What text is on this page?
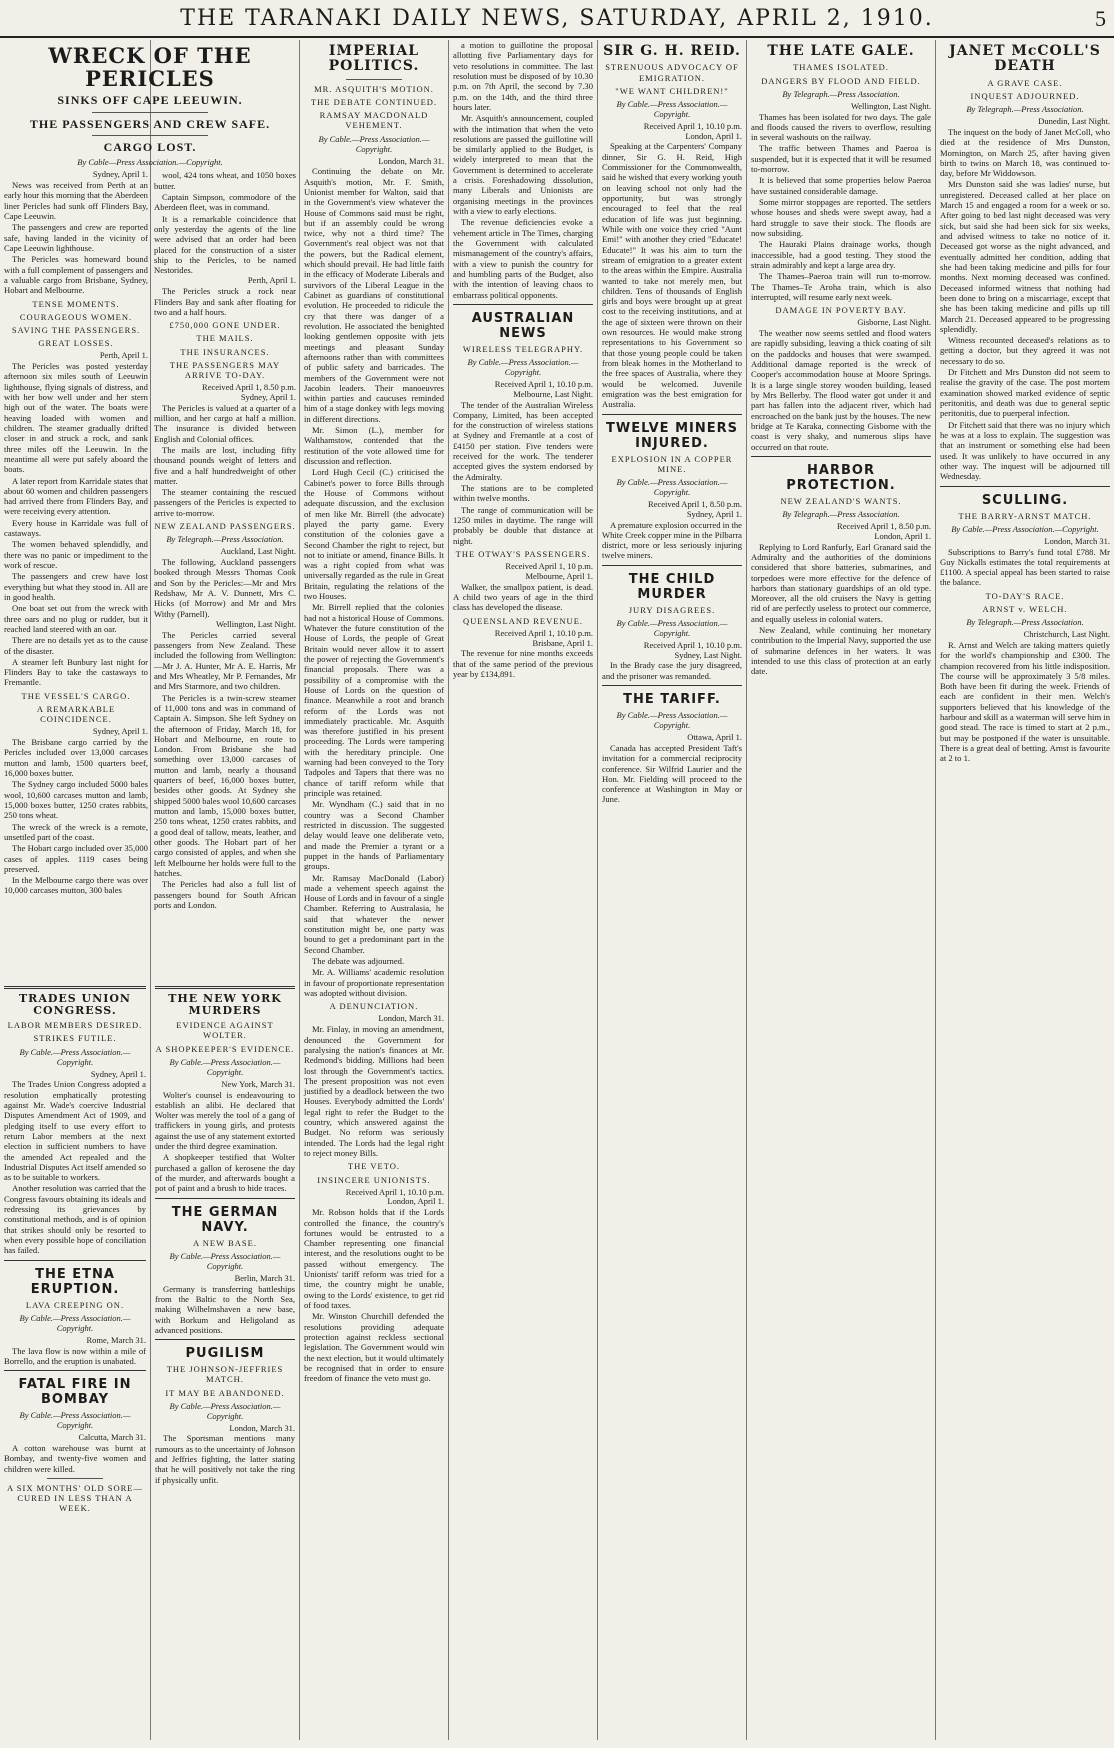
THE TARANAKI DAILY NEWS, SATURDAY, APRIL 2, 1910.	5
WRECK OF THE PERICLES
SINKS OFF CAPE LEEUWIN.
THE PASSENGERS AND CREW SAFE.
CARGO LOST.
By Cable—Press Association.—Copyright.
Sydney, April 1.

News was received from Perth at an early hour this morning that the Aberdeen liner Pericles had sunk off Flinders Bay, Cape Leeuwin.

The passengers and crew are reported safe, having landed in the vicinity of Cape Leeuwin lighthouse.

The Pericles was homeward bound with a full complement of passengers and a valuable cargo from Brisbane, Sydney, Hobart and Melbourne.

TENSE MOMENTS.
COURAGEOUS WOMEN.
SAVING THE PASSENGERS.
GREAT LOSSES.
Perth, April 1.

The Pericles was posted yesterday afternoon six miles south of Leeuwin lighthouse, flying signals of distress, and with her bow well under and her stern high out of the water. The boats were heaving loaded with women and children. The steamer gradually drifted closer in and struck a rock, and sank three miles off the Leeuwin. In the meantime all were put safely aboard the boats.

A later report from Karridale states that about 60 women and children passengers had arrived there from Flinders Bay, and were receiving every attention.

Every house in Karridale was full of castaways.

The women behaved splendidly, and there was no panic or impediment to the work of rescue.

The passengers and crew have lost everything but what they stood in. All are in good health.

One boat set out from the wreck with three oars and no plug or rudder, but it reached land steered with an oar.

There are no details yet as to the cause of the disaster.

A steamer left Bunbury last night for Flinders Bay to take the castaways to Fremantle.

THE VESSEL'S CARGO.
A REMARKABLE COINCIDENCE.
Sydney, April 1.

The Brisbane cargo carried by the Pericles included over 13,000 carcases mutton and lamb, 1500 quarters beef, 16,000 boxes butter.

The Sydney cargo included 5000 bales wool, 10,600 carcases mutton and lamb, 15,000 boxes butter, 1250 crates rabbits, 250 tons wheat.

The wreck of the wreck is a remote, unsettled part of the coast.

The Hobart cargo included over 35,000 cases of apples. 1119 cases being preserved.

In the Melbourne cargo there was over 10,000 carcases mutton, 300 bales

wool, 424 tons wheat, and 1050 boxes butter.

Captain Simpson, commodore of the Aberdeen fleet, was in command.

It is a remarkable coincidence that only yesterday the agents of the line were advised that an order had been placed for the construction of a sister ship to the Pericles, to be named Nestorides.

Perth, April 1.

The Pericles struck a rock near Flinders Bay and sank after floating for two and a half hours.

£750,000 GONE UNDER.
THE MAILS.
THE INSURANCES.
THE PASSENGERS MAY ARRIVE TO-DAY.
Received April 1, 8.50 p.m.
Sydney, April 1.

The Pericles is valued at a quarter of a million, and her cargo at half a million. The insurance is divided between English and Colonial offices.

The mails are lost, including fifty thousand pounds weight of letters and five and a half hundredweight of other matter.

The steamer containing the rescued passengers of the Pericles is expected to arrive to-morrow.

NEW ZEALAND PASSENGERS.
By Telegraph.—Press Association.
Auckland, Last Night.

The following, Auckland passengers booked through Messrs Thomas Cook and Son by the Pericles:—Mr and Mrs Redshaw, Mr A. V. Dunnett, Mrs C. Hicks (of Morrow) and Mr and Mrs Withy (Parnell).

Wellington, Last Night.

The Pericles carried several passengers from New Zealand. These included the following from Wellington:—Mr J. A. Hunter, Mr A. E. Harris, Mr and Mrs Wheatley, Mr P. Fernandes, Mr and Mrs Starmore, and two children.

The Pericles is a twin-screw steamer of 11,000 tons and was in command of Captain A. Simpson. She left Sydney on the afternoon of Friday, March 18, for Hobart and Melbourne, en route to London. From Brisbane she had something over 13,000 carcases of mutton and lamb, nearly a thousand quarters of beef, 16,000 boxes butter, besides other goods. At Sydney she shipped 5000 bales wool 10,600 carcases mutton and lamb, 15,000 boxes butter, 250 tons wheat, 1250 crates rabbits, and a good deal of tallow, meats, leather, and other goods. The Hobart part of her cargo consisted of apples, and when she left Melbourne her holds were full to the hatches.

The Pericles had also a full list of passengers bound for South African ports and London.

IMPERIAL POLITICS.
MR. ASQUITH'S MOTION.
THE DEBATE CONTINUED.
RAMSAY MACDONALD VEHEMENT.
By Cable.—Press Association.—Copyright.
London, March 31.

Continuing the debate on Mr. Asquith's motion, Mr. F. Smith, Unionist member for Walton, said that in the Government's view whatever the House of Commons said must be right, but if an assembly could be wrong twice, why not a third time? The Government's real object was not that the powers, but the Radical element, which should prevail. He had little faith in the efficacy of Moderate Liberals and survivors of the Liberal League in the Cabinet as guardians of constitutional evolution. He proceeded to ridicule the cry that there was danger of a revolution. He associated the benighted looking gentlemen opposite with jets meetings and pleasant Sunday afternoons rather than with committees of public safety and barricades. The members of the Government were not Jacobin leaders. Their manoeuvres within parties and caucuses reminded him of a stage donkey with legs moving in different directions.

Mr. Simon (L.), member for Walthamstow, contended that the restitution of the vote allowed time for discussion and reflection.

Lord Hugh Cecil (C.) criticised the Cabinet's power to force Bills through the House of Commons without adequate discussion, and the exclusion of men like Mr. Birrell (the advocate) played the party game. Every constitution of the colonies gave a Second Chamber the right to reject, but not to initiate or amend, finance Bills. It was a right copied from what was universally regarded as the rule in Great Britain, regulating the relations of the two Houses.

Mr. Birrell replied that the colonies had not a historical House of Commons. Whatever the future constitution of the House of Lords, the people of Great Britain would never allow it to assert the power of rejecting the Government's financial proposals. There was a possibility of a compromise with the House of Lords on the question of finance. Meanwhile a root and branch reform of the Lords was not immediately practicable. Mr. Asquith was therefore justified in his present proceeding. The Lords were tampering with the hereditary principle. One warning had been conveyed to the Tory Tadpoles and Tapers that there was no chance of tariff reform while that principle was retained.

Mr. Wyndham (C.) said that in no country was a Second Chamber restricted in discussion. The suggested delay would leave one deliberate veto, and made the Premier a tyrant or a puppet in the hands of Parliamentary groups.

Mr. Ramsay MacDonald (Labor) made a vehement speech against the House of Lords and in favour of a single Chamber. Referring to Australasia, he said that whatever the newer constitution might be, one party was bound to get a predominant part in the Second Chamber.

The debate was adjourned.

Mr. A. Williams' academic resolution in favour of proportionate representation was adopted without division.

A DENUNCIATION.
London, March 31.

Mr. Finlay, in moving an amendment, denounced the Government for paralysing the nation's finances at Mr. Redmond's bidding. Millions had been lost through the Government's tactics. The present proposition was not even justified by a deadlock between the two Houses. Everybody admitted the Lords' legal right to refer the Budget to the country, which answered against the Budget. No reform was seriously intended. The Lords had the legal right to reject money Bills.

THE VETO.
INSINCERE UNIONISTS.
Received April 1, 10.10 p.m.
London, April 1.

Mr. Robson holds that if the Lords controlled the finance, the country's fortunes would be entrusted to a Chamber representing one financial interest, and the resolutions ought to be passed without emergency. The Unionists' tariff reform was tried for a time, the country might be unable, owing to the Lords' existence, to get rid of food taxes.

Mr. Winston Churchill defended the resolutions providing adequate protection against reckless sectional legislation. The Government would win the next election, but it would ultimately be recognised that in order to ensure freedom of finance the veto must go.

a motion to guillotine the proposal allotting five Parliamentary days for veto resolutions in committee. The last resolution must be disposed of by 10.30 p.m. on 7th April, the second by 7.30 p.m. on the 14th, and the third three hours later.

Mr. Asquith's announcement, coupled with the intimation that when the veto resolutions are passed the guillotine will be similarly applied to the Budget, is widely interpreted to mean that the Government is determined to accelerate a crisis. Foreshadowing dissolution, many Liberals and Unionists are organising meetings in the provinces with a view to early elections.

The revenue deficiencies evoke a vehement article in The Times, charging the Government with calculated mismanagement of the country's affairs, with a view to punish the country for and humbling parts of the Budget, also with the intention of leaving chaos to embarrass political opponents.

AUSTRALIAN NEWS
WIRELESS TELEGRAPHY.
By Cable.—Press Association.—Copyright.
Received April 1, 10.10 p.m.
Melbourne, Last Night.

The tender of the Australian Wireless Company, Limited, has been accepted for the construction of wireless stations at Sydney and Fremantle at a cost of £4150 per station. Five tenders were received for the work. The tenderer accepted gives the system endorsed by the Admiralty.

The stations are to be completed within twelve months.

The range of communication will be 1250 miles in daytime. The range will probably be double that distance at night.

THE OTWAY'S PASSENGERS.
Received April 1, 10 p.m.
Melbourne, April 1.

Walker, the smallpox patient, is dead. A child two years of age in the third class has developed the disease.

QUEENSLAND REVENUE.
Received April 1, 10.10 p.m.
Brisbane, April 1.

The revenue for nine months exceeds that of the same period of the previous year by £134,891.

SIR G. H. REID.
STRENUOUS ADVOCACY OF EMIGRATION.
"WE WANT CHILDREN!"
By Cable.—Press Association.—Copyright.
Received April 1, 10.10 p.m.
London, April 1.

Speaking at the Carpenters' Company dinner, Sir G. H. Reid, High Commissioner for the Commonwealth, said he wished that every working youth on leaving school not only had the opportunity, but was strongly encouraged to feel that the real education of life was just beginning. While with one voice they cried "Aunt Emi!" with another they cried "Educate! Educate!" It was his aim to turn the stream of emigration to a greater extent to the areas within the Empire. Australia wanted to take not merely men, but children. Tens of thousands of English girls and boys were brought up at great cost to the receiving institutions, and at the age of sixteen were thrown on their own resources. He would make strong representations to his Government so that those young people could be taken from bleak homes in the Motherland to the free spaces of Australia, where they would be welcomed. Juvenile emigration was the best emigration for Australia.

TWELVE MINERS INJURED.
EXPLOSION IN A COPPER MINE.
By Cable.—Press Association.—Copyright.
Received April 1, 8.50 p.m.
Sydney, April 1.

A premature explosion occurred in the White Creek copper mine in the Pilbarra district, more or less seriously injuring twelve miners.

THE CHILD MURDER
JURY DISAGREES.
By Cable.—Press Association.—Copyright.
Received April 1, 10.10 p.m.
Sydney, Last Night.

In the Brady case the jury disagreed, and the prisoner was remanded.

THE TARIFF.
By Cable.—Press Association.—Copyright.
Ottawa, April 1.

Canada has accepted President Taft's invitation for a commercial reciprocity conference. Sir Wilfrid Laurier and the Hon. Mr. Fielding will proceed to the conference at Washington in May or June.

THE LATE GALE.
THAMES ISOLATED.
DANGERS BY FLOOD AND FIELD.
By Telegraph.—Press Association.
Wellington, Last Night.

Thames has been isolated for two days. The gale and floods caused the rivers to overflow, resulting in several washouts on the railway.

The traffic between Thames and Paeroa is suspended, but it is expected that it will be resumed to-morrow.

It is believed that some properties below Paeroa have sustained considerable damage.

Some mirror stoppages are reported. The settlers whose houses and sheds were swept away, had a hard struggle to save their stock. The floods are now subsiding.

The Hauraki Plains drainage works, though inaccessible, had a good testing. They stood the strain admirably and kept a large area dry.

The Thames–Paeroa train will run to-morrow. The Thames–Te Aroha train, which is also interrupted, will resume early next week.

DAMAGE IN POVERTY BAY.
Gisborne, Last Night.

The weather now seems settled and flood waters are rapidly subsiding, leaving a thick coating of silt on the paddocks and houses that were swamped. Additional damage reported is the wreck of Cooper's accommodation house at Moore Springs. It is a large single storey wooden building, leased by Mrs Bellerby. The flood water got under it and part has fallen into the adjacent river, which had encroached on the bank just by the houses. The new bridge at Te Karaka, connecting Gisborne with the coast is very shaky, and numerous slips have occurred on that route.

HARBOR PROTECTION.
NEW ZEALAND'S WANTS.
By Telegraph.—Press Association.
Received April 1, 8.50 p.m.
London, April 1.

Replying to Lord Ranfurly, Earl Granard said the Admiralty and the authorities of the dominions considered that shore batteries, submarines, and torpedoes were more effective for the defence of harbors than stationary guardships of an old type. Moreover, all the old cruisers the Navy is getting rid of are perfectly useless to protect our commerce, and equally useless in colonial waters.

New Zealand, while continuing her monetary contribution to the Imperial Navy, supported the use of submarine defences in her waters. It was intended to use this class of protection at an early date.

JANET McCOLL'S DEATH
A GRAVE CASE.
INQUEST ADJOURNED.
By Telegraph.—Press Association.
Dunedin, Last Night.

The inquest on the body of Janet McColl, who died at the residence of Mrs Dunston, Mornington, on March 25, after having given birth to twins on March 18, was continued to-day, before Mr Widdowson.

Mrs Dunston said she was ladies' nurse, but unregistered. Deceased called at her place on March 15 and engaged a room for a week or so. After going to bed last night deceased was very sick, but said she had been sick for six weeks, and advised witness to take no notice of it. Deceased got worse as the night advanced, and eventually admitted her condition, adding that she had been taking medicine and pills for four months. Next morning deceased was confined. Deceased informed witness that nothing had been done to bring on a miscarriage, except that she has been taking medicine and pills up till March 21. Deceased appeared to be progressing splendidly.

Witness recounted deceased's relations as to getting a doctor, but they agreed it was not necessary to do so.

Dr Fitchett and Mrs Dunston did not seem to realise the gravity of the case. The post mortem examination showed marked evidence of septic peritonitis, and death was due to general septic peritonitis, due to puerperal infection.

Dr Fitchett said that there was no injury which he was at a loss to explain. The suggestion was that an instrument or something else had been used. It was unlikely to have occurred in any other way. The inquest will be adjourned till Wednesday.

SCULLING.
THE BARRY-ARNST MATCH.
By Cable.—Press Association.—Copyright.
London, March 31.

Subscriptions to Barry's fund total £788. Mr Guy Nickalls estimates the total requirements at £1100. A special appeal has been started to raise the balance.

TO-DAY'S RACE.
ARNST v. WELCH.
By Telegraph.—Press Association.
Christchurch, Last Night.

R. Arnst and Welch are taking matters quietly for the world's championship and £300. The champion recovered from his little indisposition. The course will be approximately 3 5/8 miles. Both have been fit during the week. Friends of each are confident in their men. Welch's supporters believed that his knowledge of the harbour and skill as a waterman will serve him in good stead. The race is timed to start at 2 p.m., but may be postponed if the water is unsuitable. There is a great deal of betting. Arnst is favourite at 2 to 1.

TRADES UNION CONGRESS.
LABOR MEMBERS DESIRED.
STRIKES FUTILE.
By Cable.—Press Association.—Copyright.
Sydney, April 1.

The Trades Union Congress adopted a resolution emphatically protesting against Mr. Wade's coercive Industrial Disputes Amendment Act of 1909, and pledging itself to use every effort to return Labor members at the next election in sufficient numbers to have the amended Act repealed and the Industrial Disputes Act itself amended so as to be suitable to workers.

Another resolution was carried that the Congress favours obtaining its ideals and redressing its grievances by constitutional methods, and is of opinion that strikes should only be resorted to when every possible hope of conciliation has failed.

THE ETNA ERUPTION.
LAVA CREEPING ON.
By Cable.—Press Association.—Copyright.
Rome, March 31.

The lava flow is now within a mile of Borrello, and the eruption is unabated.

FATAL FIRE IN BOMBAY
By Cable.—Press Association.—Copyright.
Calcutta, March 31.

A cotton warehouse was burnt at Bombay, and twenty-five women and children were killed.

A SIX MONTHS' OLD SORE—CURED IN LESS THAN A WEEK.
THE NEW YORK MURDERS
EVIDENCE AGAINST WOLTER.
A SHOPKEEPER'S EVIDENCE.
By Cable.—Press Association.—Copyright.
New York, March 31.

Wolter's counsel is endeavouring to establish an alibi. He declared that Wolter was merely the tool of a gang of traffickers in young girls, and protests against the use of any statement extorted under the third degree examination.

A shopkeeper testified that Wolter purchased a gallon of kerosene the day of the murder, and afterwards bought a pot of paint and a brush to hide traces.

THE GERMAN NAVY.
A NEW BASE.
By Cable.—Press Association.—Copyright.
Berlin, March 31.

Germany is transferring battleships from the Baltic to the North Sea, making Wilhelmshaven a new base, with Borkum and Heligoland as advanced positions.

PUGILISM
THE JOHNSON-JEFFRIES MATCH.
IT MAY BE ABANDONED.
By Cable.—Press Association.—Copyright.
London, March 31.

The Sportsman mentions many rumours as to the uncertainty of Johnson and Jeffries fighting, the latter stating that he will positively not take the ring if physically unfit.
